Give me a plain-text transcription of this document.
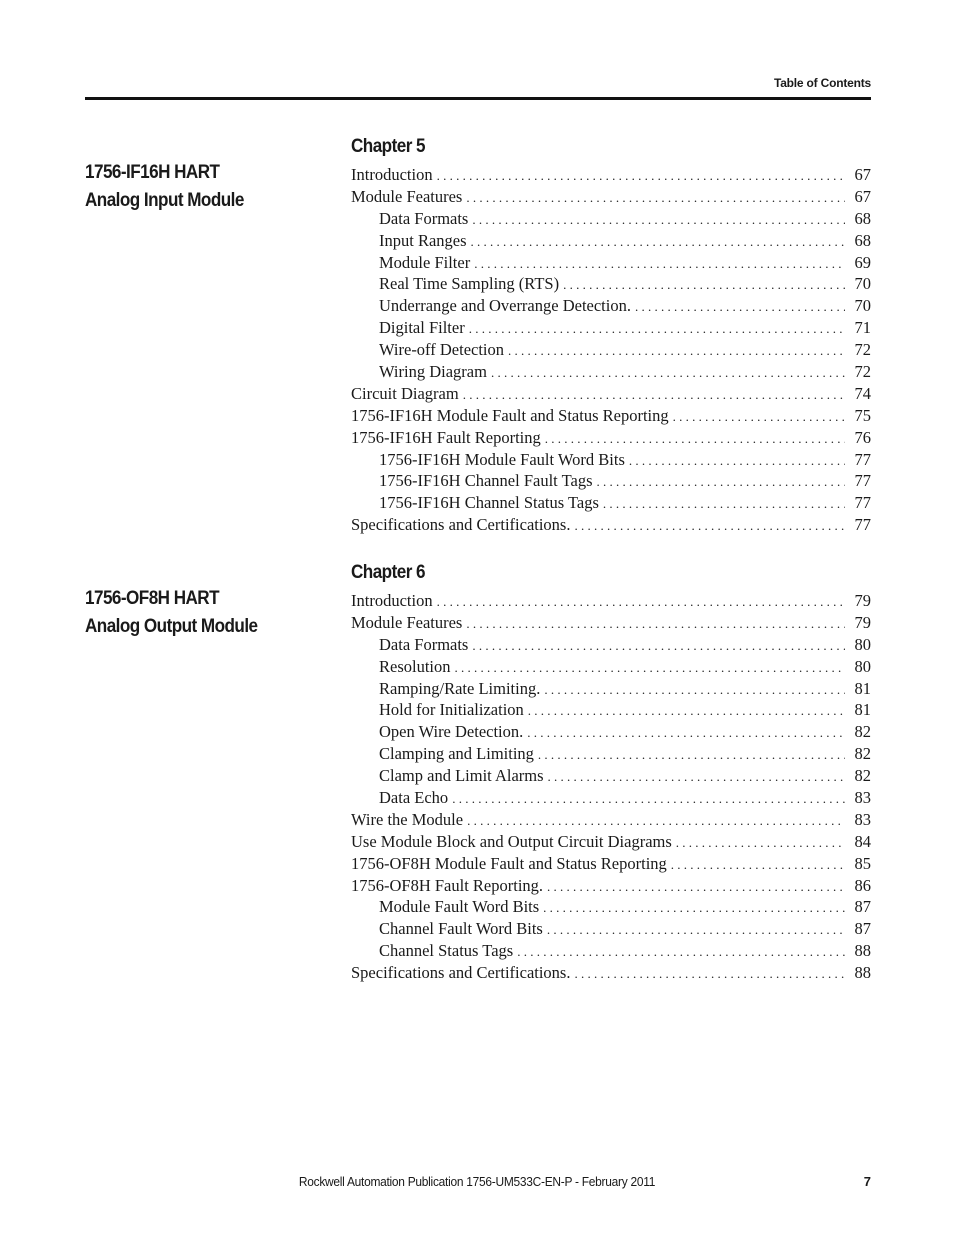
Table of Contents
1756-IF16H HART
Analog Input Module
Chapter 5
Introduction . . .	67
Module Features . . .	67
Data Formats . . .	68
Input Ranges . . .	68
Module Filter . . .	69
Real Time Sampling (RTS) . . .	70
Underrange and Overrange Detection. . . .	70
Digital Filter . . .	71
Wire-off Detection . . .	72
Wiring Diagram . . .	72
Circuit Diagram . . .	74
1756-IF16H Module Fault and Status Reporting . . .	75
1756-IF16H Fault Reporting . . .	76
1756-IF16H Module Fault Word Bits . . .	77
1756-IF16H Channel Fault Tags . . .	77
1756-IF16H Channel Status Tags . . .	77
Specifications and Certifications. . . .	77
1756-OF8H HART
Analog Output Module
Chapter 6
Introduction . . .	79
Module Features . . .	79
Data Formats . . .	80
Resolution . . .	80
Ramping/Rate Limiting. . . .	81
Hold for Initialization . . .	81
Open Wire Detection. . . .	82
Clamping and Limiting . . .	82
Clamp and Limit Alarms . . .	82
Data Echo . . .	83
Wire the Module . . .	83
Use Module Block and Output Circuit Diagrams . . .	84
1756-OF8H Module Fault and Status Reporting . . .	85
1756-OF8H Fault Reporting. . . .	86
Module Fault Word Bits . . .	87
Channel Fault Word Bits . . .	87
Channel Status Tags . . .	88
Specifications and Certifications. . . .	88
Rockwell Automation Publication 1756-UM533C-EN-P - February 2011	7
